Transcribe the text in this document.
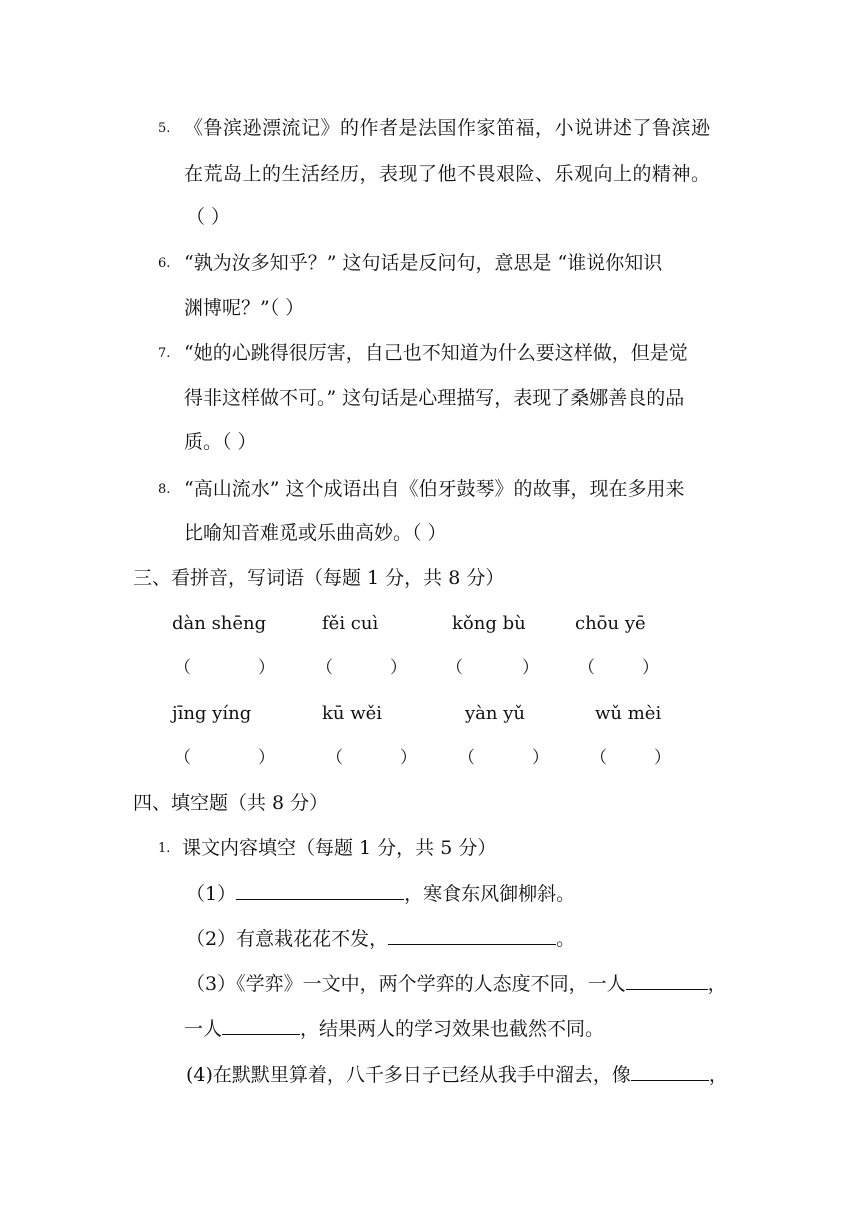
5. 《鲁滨逊漂流记》的作者是法国作家笛福，小说讲述了鲁滨逊
在荒岛上的生活经历，表现了他不畏艰险、乐观向上的精神。
（ ）
6. “孰为汝多知乎？” 这句话是反问句，意思是 “谁说你知识
渊博呢？”（ ）
7. “她的心跳得很厉害，自己也不知道为什么要这样做，但是觉
得非这样做不可。” 这句话是心理描写，表现了桑娜善良的品
质。（ ）
8. “高山流水” 这个成语出自《伯牙鼓琴》的故事，现在多用来
比喻知音难觅或乐曲高妙。（ ）
三、看拼音，写词语（每题 1 分，共 8 分）
dàn shēng	fěi cuì	kǒng bù	chōu yē
（	） （	） （	） （	）
jīng yíng	kū wěi	yàn yǔ	wǔ mèi
（	）	（	） （	） （	）
四、填空题（共 8 分）
1. 课文内容填空（每题 1 分，共 5 分）
（1）	，寒食东风御柳斜。
（2）有意栽花花不发，	。
（3）《学弈》一文中，两个学弈的人态度不同，一人	，
一人	，结果两人的学习效果也截然不同。
(4)在默默里算着，八千多日子已经从我手中溜去，像	，
